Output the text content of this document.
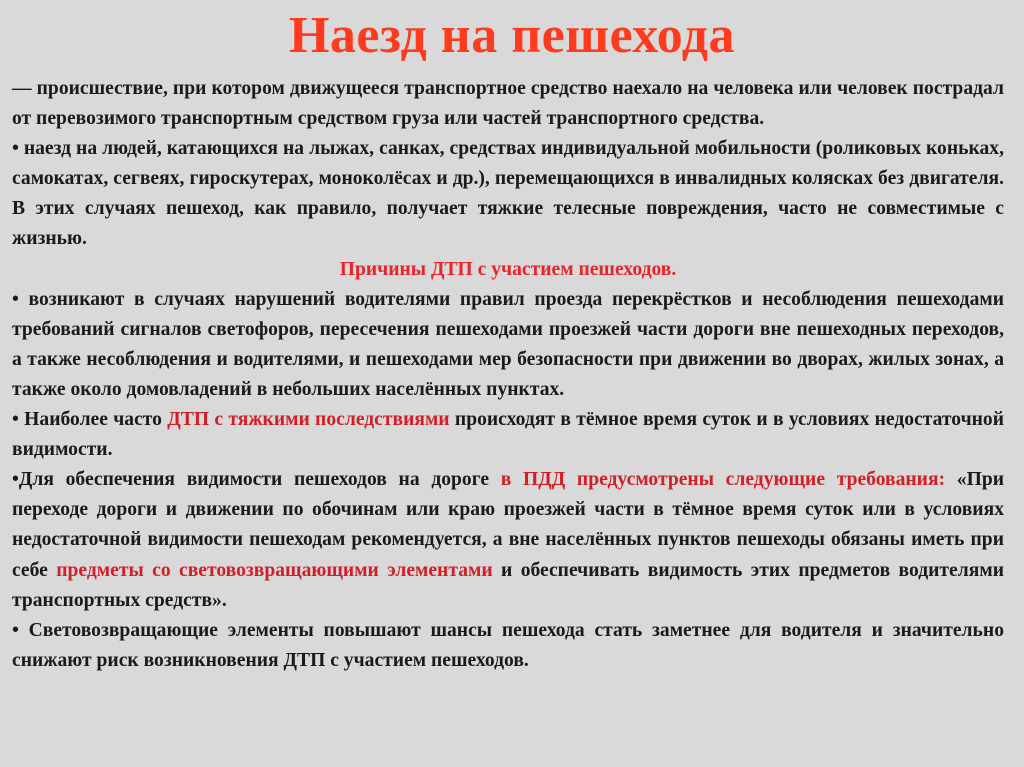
Наезд на пешехода

— происшествие, при котором движущееся транспортное средство наехало на человека или человек пострадал от перевозимого транспортным средством груза или частей транспортного средства.

• наезд на людей, катающихся на лыжах, санках, средствах индивидуальной мобильности (роликовых коньках, самокатах, сегвеях, гироскутерах, моноколёсах и др.), перемещающихся в инвалидных колясках без двигателя. В этих случаях пешеход, как правило, получает тяжкие телесные повреждения, часто не совместимые с жизнью.

Причины ДТП с участием пешеходов.

• возникают в случаях нарушений водителями правил проезда перекрёстков и несоблюдения пешеходами требований сигналов светофоров, пересечения пешеходами проезжей части дороги вне пешеходных переходов, а также несоблюдения и водителями, и пешеходами мер безопасности при движении во дворах, жилых зонах, а также около домовладений в небольших населённых пунктах.

• Наиболее часто ДТП с тяжкими последствиями происходят в тёмное время суток и в условиях недостаточной видимости.

•Для обеспечения видимости пешеходов на дороге в ПДД предусмотрены следующие требования: «При переходе дороги и движении по обочинам или краю проезжей части в тёмное время суток или в условиях недостаточной видимости пешеходам рекомендуется, а вне населённых пунктов пешеходы обязаны иметь при себе предметы со световозвращающими элементами и обеспечивать видимость этих предметов водителями транспортных средств».

• Световозвращающие элементы повышают шансы пешехода стать заметнее для водителя и значительно снижают риск возникновения ДТП с участием пешеходов.
